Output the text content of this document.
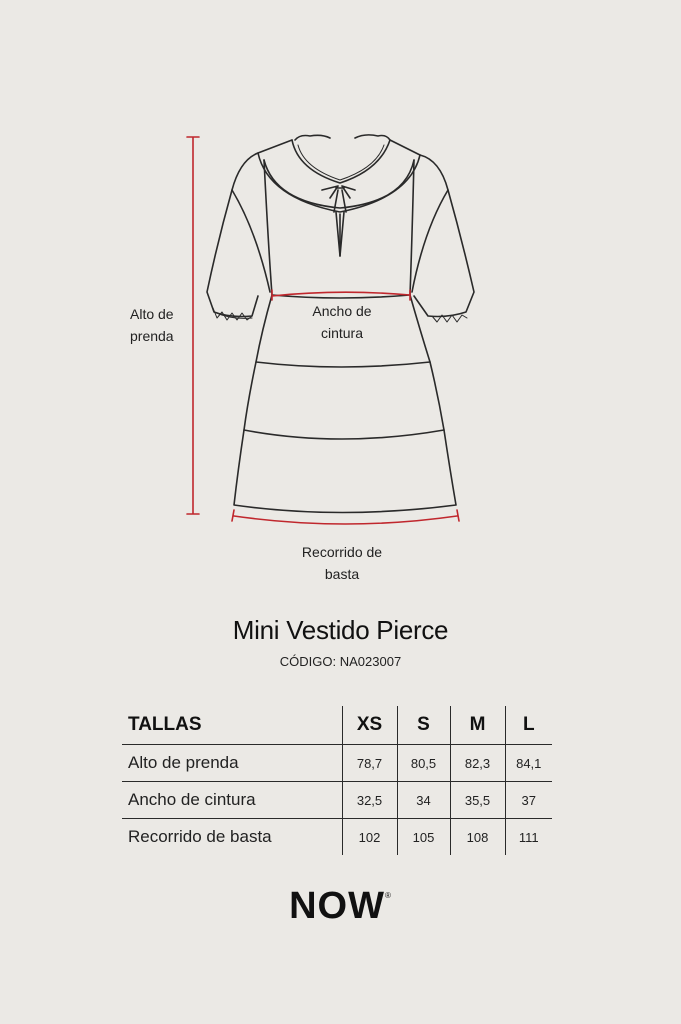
Alto de
prenda
Ancho de
cintura
Recorrido de
basta
Mini Vestido Pierce
CÓDIGO: NA023007
TALLAS	XS	S	M	L
Alto de prenda	78,7	80,5	82,3	84,1
Ancho de cintura	32,5	34	35,5	37
Recorrido de basta	102	105	108	111
NOW®
